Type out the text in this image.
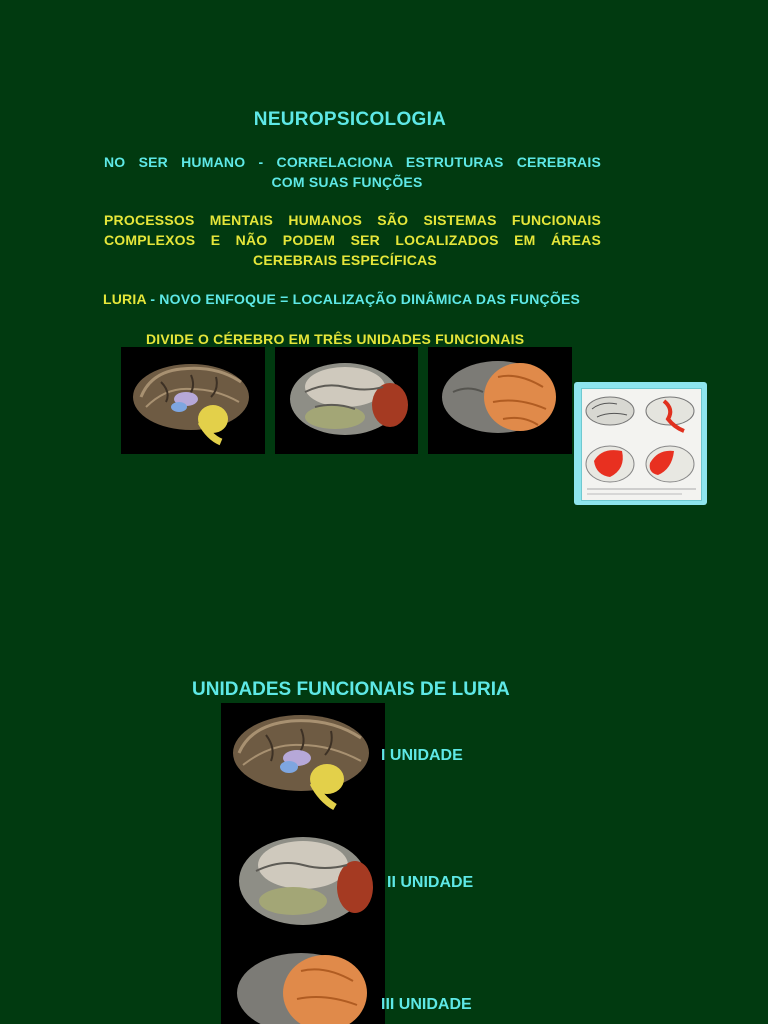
NEUROPSICOLOGIA
NO SER HUMANO - CORRELACIONA ESTRUTURAS CEREBRAIS
COM SUAS FUNÇÕES
PROCESSOS MENTAIS HUMANOS SÃO SISTEMAS FUNCIONAIS
COMPLEXOS E NÃO PODEM SER LOCALIZADOS EM ÁREAS
CEREBRAIS ESPECÍFICAS
LURIA - NOVO ENFOQUE = LOCALIZAÇÃO DINÂMICA DAS FUNÇÕES
DIVIDE O CÉREBRO EM TRÊS UNIDADES FUNCIONAIS
UNIDADES FUNCIONAIS DE LURIA
I UNIDADE
II UNIDADE
III UNIDADE
